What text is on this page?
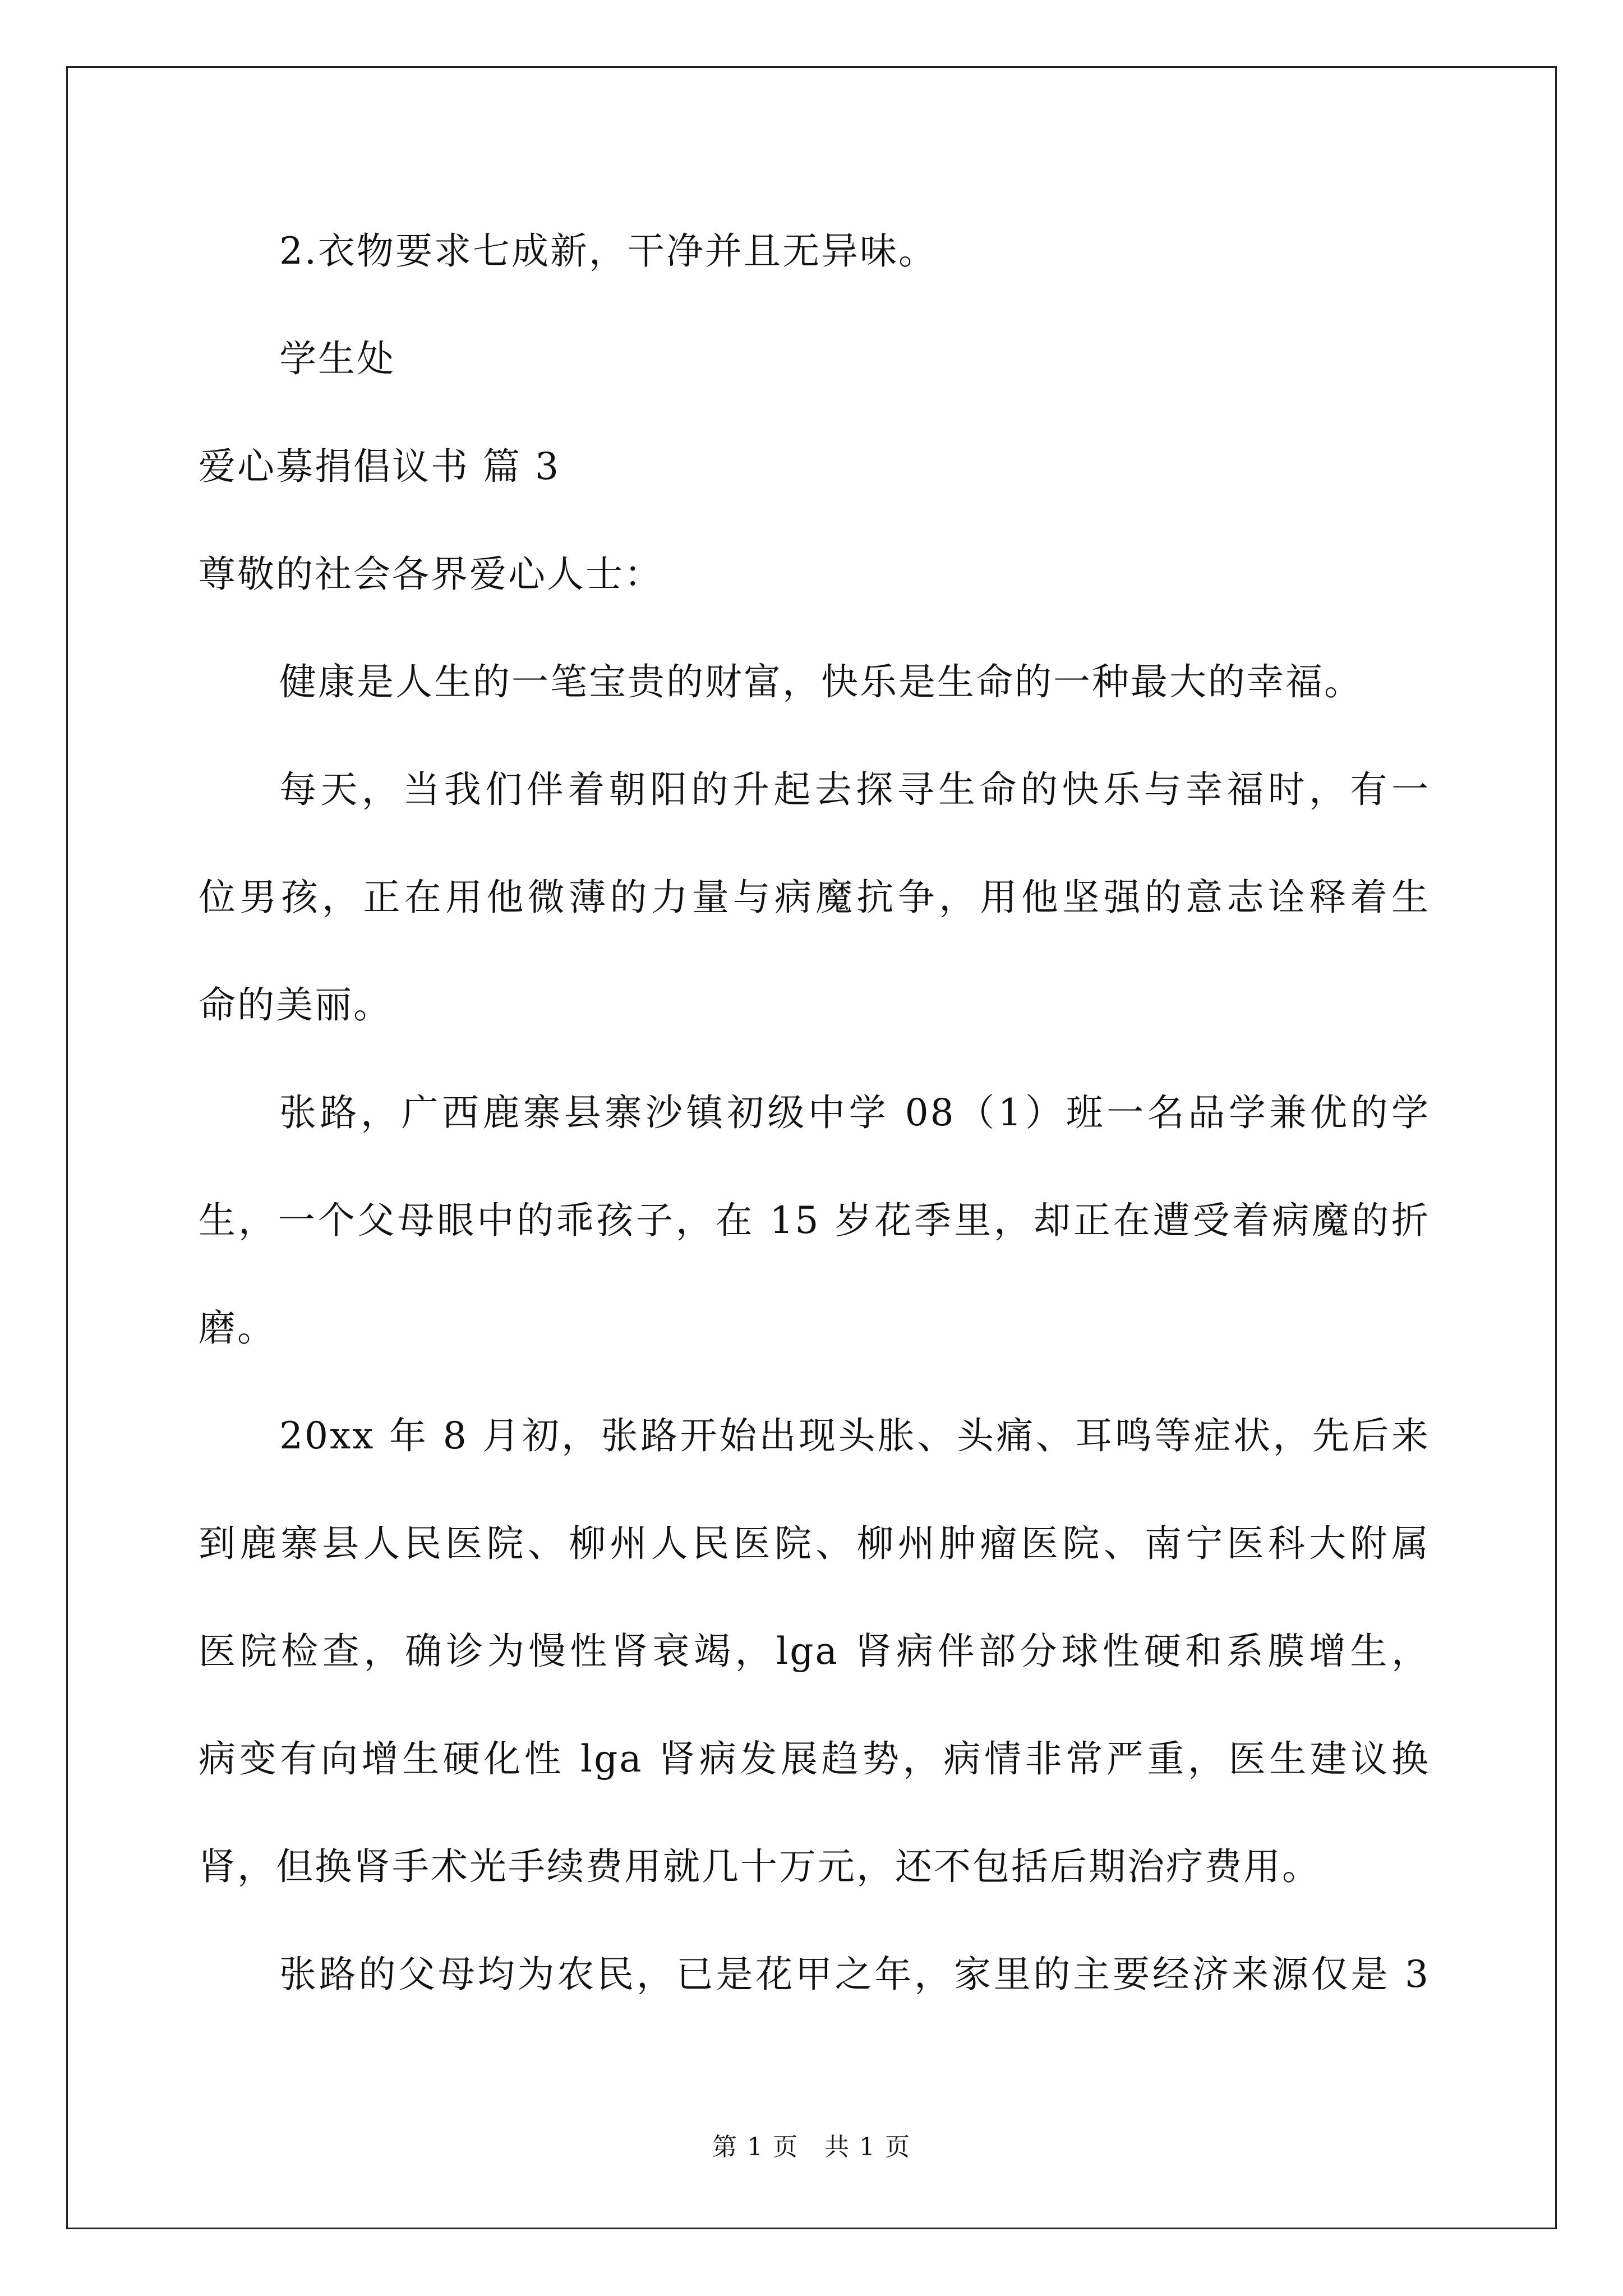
2.衣物要求七成新，干净并且无异味。
学生处
爱心募捐倡议书 篇 3
尊敬的社会各界爱心人士：
健康是人生的一笔宝贵的财富，快乐是生命的一种最大的幸福。
每天，当我们伴着朝阳的升起去探寻生命的快乐与幸福时，有一
位男孩，正在用他微薄的力量与病魔抗争，用他坚强的意志诠释着生
命的美丽。
张路，广西鹿寨县寨沙镇初级中学 08（1）班一名品学兼优的学
生，一个父母眼中的乖孩子，在 15 岁花季里，却正在遭受着病魔的折
磨。
20xx 年 8 月初，张路开始出现头胀、头痛、耳鸣等症状，先后来
到鹿寨县人民医院、柳州人民医院、柳州肿瘤医院、南宁医科大附属
医院检查，确诊为慢性肾衰竭，lga 肾病伴部分球性硬和系膜增生，
病变有向增生硬化性 lga 肾病发展趋势，病情非常严重，医生建议换
肾，但换肾手术光手续费用就几十万元，还不包括后期治疗费用。
张路的父母均为农民，已是花甲之年，家里的主要经济来源仅是 3
第 1 页　共 1 页
